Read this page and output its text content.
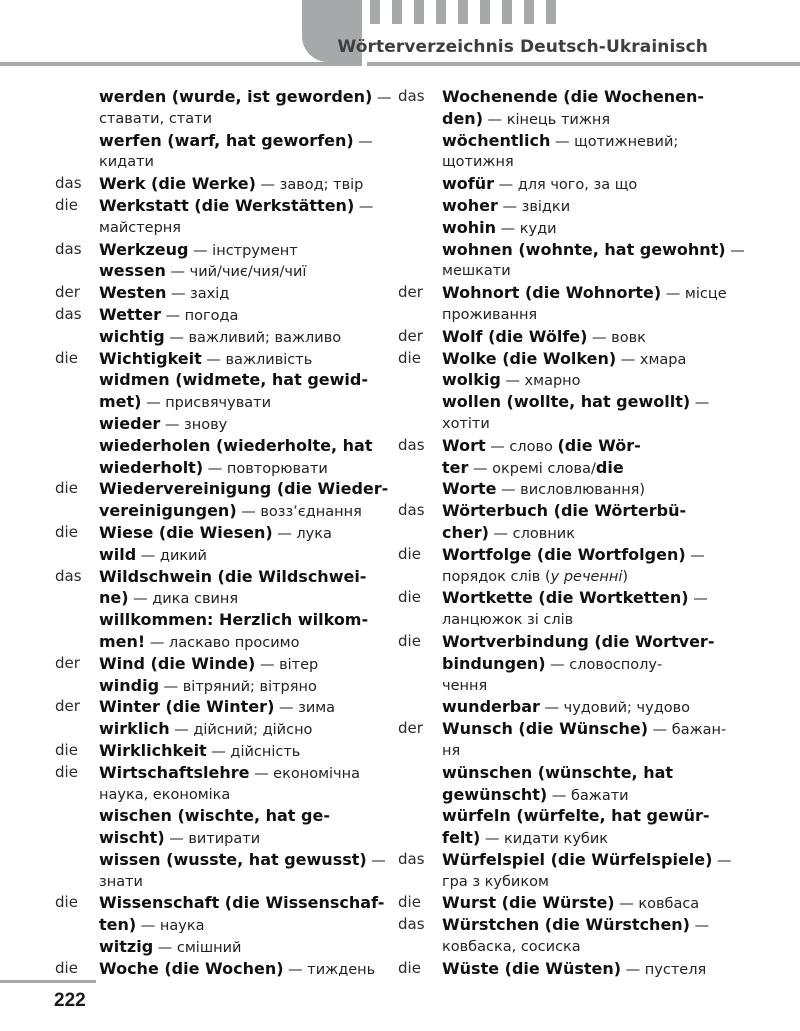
Wörterverzeichnis Deutsch-Ukrainisch
werden (wurde, ist geworden) —
ставати, стати
werfen (warf, hat geworfen) —
кидати
das	Werk (die Werke) — завод; твір
die	Werkstatt (die Werkstätten) —
майстерня
das	Werkzeug — інструмент
wessen — чий/чиє/чия/чиї
der	Westen — захід
das	Wetter — погода
wichtig — важливий; важливо
die	Wichtigkeit — важливість
widmen (widmete, hat gewid-
met) — присвячувати
wieder — знову
wiederholen (wiederholte, hat
wiederholt) — повторювати
die	Wiedervereinigung (die Wieder-
vereinigungen) — возз’єднання
die	Wiese (die Wiesen) — лука
wild — дикий
das	Wildschwein (die Wildschwei-
ne) — дика свиня
willkommen: Herzlich wilkom-
men! — ласкаво просимо
der	Wind (die Winde) — вітер
windig — вітряний; вітряно
der	Winter (die Winter) — зима
wirklich — дійсний; дійсно
die	Wirklichkeit — дійсність
die	Wirtschaftslehre — економічна
наука, економіка
wischen (wischte, hat ge-
wischt) — витирати
wissen (wusste, hat gewusst) —
знати
die	Wissenschaft (die Wissenschaf-
ten) — наука
witzig — смішний
die	Woche (die Wochen) — тиждень
das	Wochenende (die Wochenen-
den) — кінець тижня
wöchentlich — щотижневий;
щотижня
wofür — для чого, за що
woher — звідки
wohin — куди
wohnen (wohnte, hat gewohnt) —
мешкати
der	Wohnort (die Wohnorte) — місце
проживання
der	Wolf (die Wölfe) — вовк
die	Wolke (die Wolken) — хмара
wolkig — хмарно
wollen (wollte, hat gewollt) —
хотіти
das	Wort — слово (die Wör-
ter — окремі слова/die
Worte — висловлювання)
das	Wörterbuch (die Wörterbü-
cher) — словник
die	Wortfolge (die Wortfolgen) —
порядок слів (у реченні)
die	Wortkette (die Wortketten) —
ланцюжок зі слів
die	Wortverbindung (die Wortver-
bindungen) — словосполу-
чення
wunderbar — чудовий; чудово
der	Wunsch (die Wünsche) — бажан-
ня
wünschen (wünschte, hat
gewünscht) — бажати
würfeln (würfelte, hat gewür-
felt) — кидати кубик
das	Würfelspiel (die Würfelspiele) —
гра з кубиком
die	Wurst (die Würste) — ковбаса
das	Würstchen (die Würstchen) —
ковбаска, сосиска
die	Wüste (die Wüsten) — пустеля
222
